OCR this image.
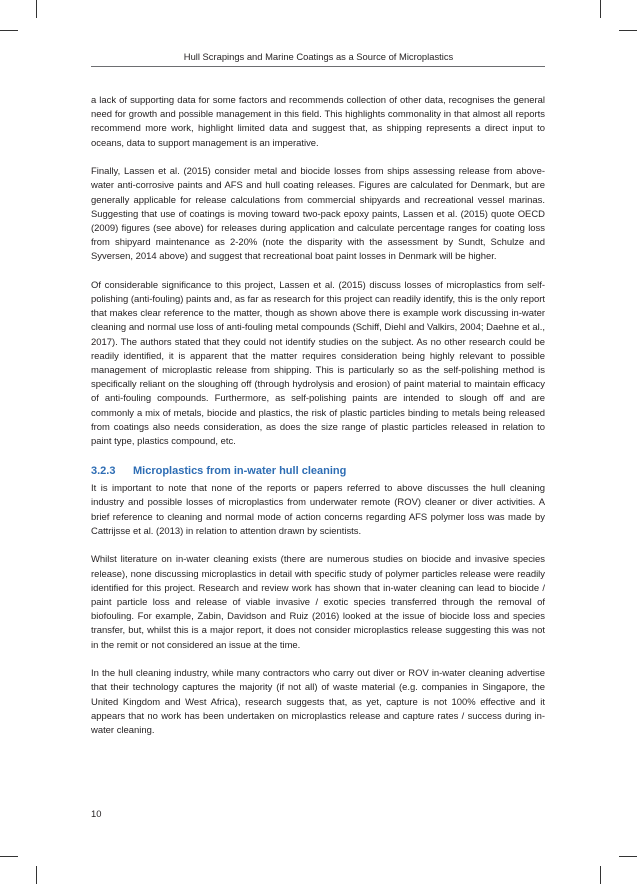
Hull Scrapings and Marine Coatings as a Source of Microplastics

a lack of supporting data for some factors and recommends collection of other data, recognises the general need for growth and possible management in this field. This highlights commonality in that almost all reports recommend more work, highlight limited data and suggest that, as shipping represents a direct input to oceans, data to support management is an imperative.

Finally, Lassen et al. (2015) consider metal and biocide losses from ships assessing release from above-water anti-corrosive paints and AFS and hull coating releases. Figures are calculated for Denmark, but are generally applicable for release calculations from commercial shipyards and recreational vessel marinas. Suggesting that use of coatings is moving toward two-pack epoxy paints, Lassen et al. (2015) quote OECD (2009) figures (see above) for releases during application and calculate percentage ranges for coating loss from shipyard maintenance as 2-20% (note the disparity with the assessment by Sundt, Schulze and Syversen, 2014 above) and suggest that recreational boat paint losses in Denmark will be higher.

Of considerable significance to this project, Lassen et al. (2015) discuss losses of microplastics from self-polishing (anti-fouling) paints and, as far as research for this project can readily identify, this is the only report that makes clear reference to the matter, though as shown above there is example work discussing in-water cleaning and normal use loss of anti-fouling metal compounds (Schiff, Diehl and Valkirs, 2004; Daehne et al., 2017). The authors stated that they could not identify studies on the subject. As no other research could be readily identified, it is apparent that the matter requires consideration being highly relevant to possible management of microplastic release from shipping. This is particularly so as the self-polishing method is specifically reliant on the sloughing off (through hydrolysis and erosion) of paint material to maintain efficacy of anti-fouling compounds. Furthermore, as self-polishing paints are intended to slough off and are commonly a mix of metals, biocide and plastics, the risk of plastic particles binding to metals being released from coatings also needs consideration, as does the size range of plastic particles released in relation to paint type, plastics compound, etc.

3.2.3 Microplastics from in-water hull cleaning

It is important to note that none of the reports or papers referred to above discusses the hull cleaning industry and possible losses of microplastics from underwater remote (ROV) cleaner or diver activities. A brief reference to cleaning and normal mode of action concerns regarding AFS polymer loss was made by Cattrijsse et al. (2013) in relation to attention drawn by scientists.

Whilst literature on in-water cleaning exists (there are numerous studies on biocide and invasive species release), none discussing microplastics in detail with specific study of polymer particles release were readily identified for this project. Research and review work has shown that in-water cleaning can lead to biocide / paint particle loss and release of viable invasive / exotic species transferred through the removal of biofouling. For example, Zabin, Davidson and Ruiz (2016) looked at the issue of biocide loss and species transfer, but, whilst this is a major report, it does not consider microplastics release suggesting this was not in the remit or not considered an issue at the time.

In the hull cleaning industry, while many contractors who carry out diver or ROV in-water cleaning advertise that their technology captures the majority (if not all) of waste material (e.g. companies in Singapore, the United Kingdom and West Africa), research suggests that, as yet, capture is not 100% effective and it appears that no work has been undertaken on microplastics release and capture rates / success during in-water cleaning.

10
